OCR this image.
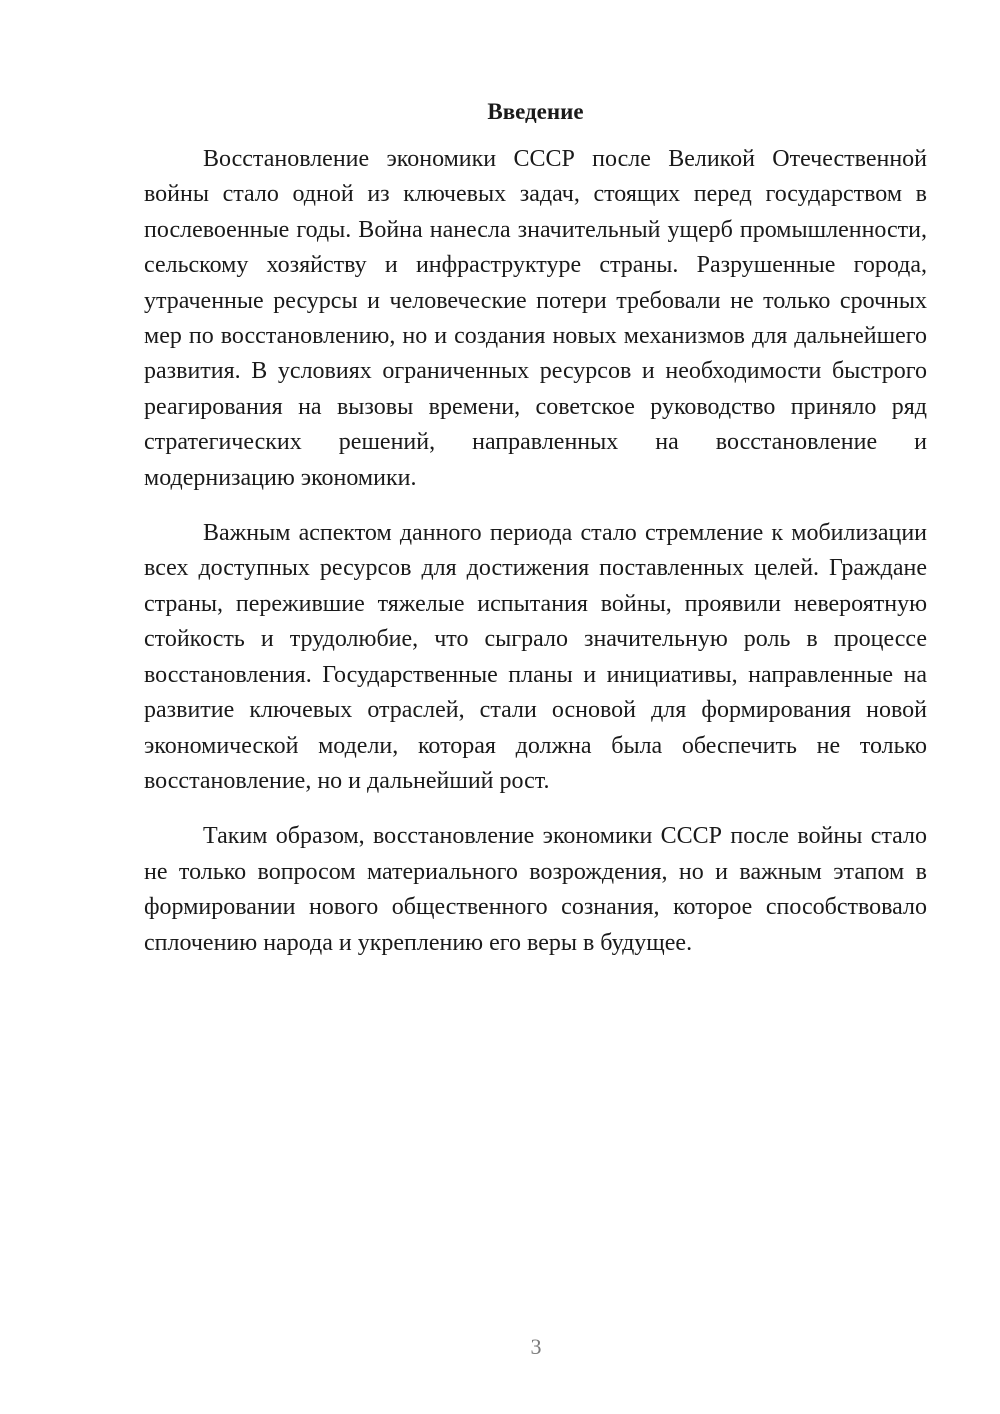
Введение

Восстановление экономики СССР после Великой Отечественной войны стало одной из ключевых задач, стоящих перед государством в послевоенные годы. Война нанесла значительный ущерб промышленности, сельскому хозяйству и инфраструктуре страны. Разрушенные города, утраченные ресурсы и человеческие потери требовали не только срочных мер по восстановлению, но и создания новых механизмов для дальнейшего развития. В условиях ограниченных ресурсов и необходимости быстрого реагирования на вызовы времени, советское руководство приняло ряд стратегических решений, направленных на восстановление и модернизацию экономики.

Важным аспектом данного периода стало стремление к мобилизации всех доступных ресурсов для достижения поставленных целей. Граждане страны, пережившие тяжелые испытания войны, проявили невероятную стойкость и трудолюбие, что сыграло значительную роль в процессе восстановления. Государственные планы и инициативы, направленные на развитие ключевых отраслей, стали основой для формирования новой экономической модели, которая должна была обеспечить не только восстановление, но и дальнейший рост.

Таким образом, восстановление экономики СССР после войны стало не только вопросом материального возрождения, но и важным этапом в формировании нового общественного сознания, которое способствовало сплочению народа и укреплению его веры в будущее.

3
